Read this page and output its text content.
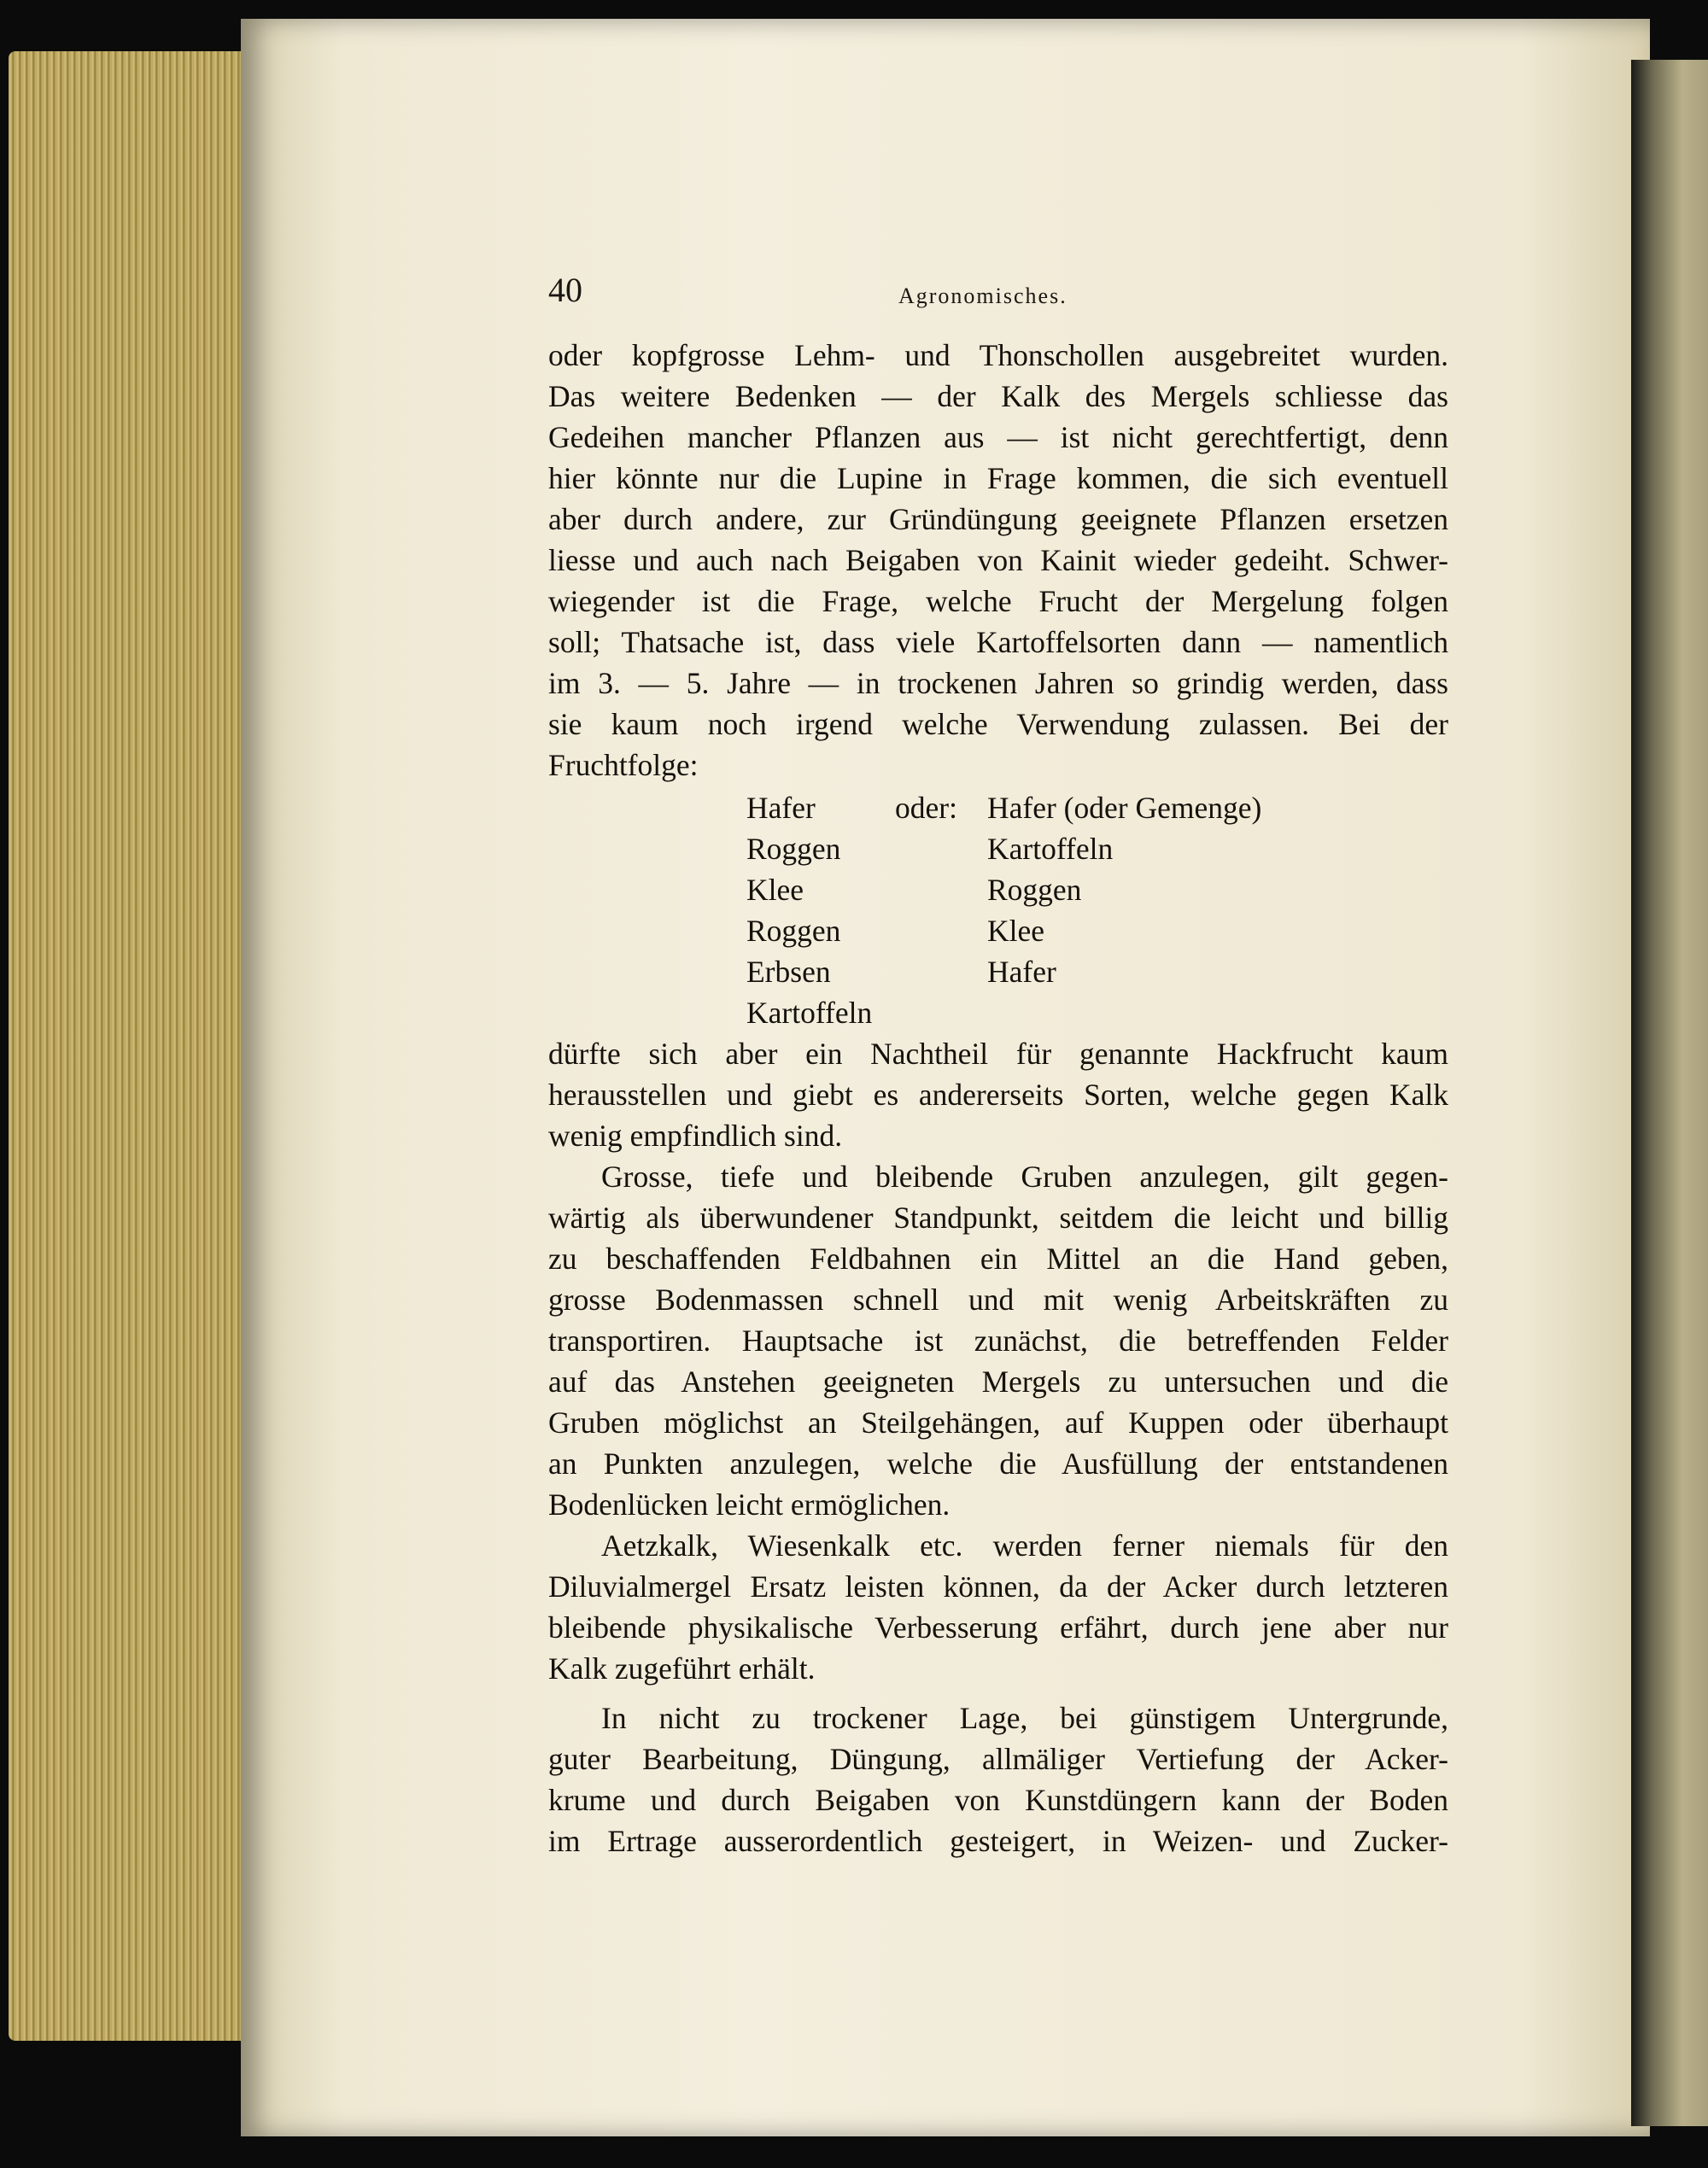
40	Agronomisches.
oder kopfgrosse Lehm- und Thonschollen ausgebreitet wurden.
Das weitere Bedenken — der Kalk des Mergels schliesse das
Gedeihen mancher Pflanzen aus — ist nicht gerechtfertigt, denn
hier könnte nur die Lupine in Frage kommen, die sich eventuell
aber durch andere, zur Gründüngung geeignete Pflanzen ersetzen
liesse und auch nach Beigaben von Kainit wieder gedeiht. Schwer-
wiegender ist die Frage, welche Frucht der Mergelung folgen
soll; Thatsache ist, dass viele Kartoffelsorten dann — namentlich
im 3. — 5. Jahre — in trockenen Jahren so grindig werden, dass
sie kaum noch irgend welche Verwendung zulassen. Bei der
Fruchtfolge:
Hafer
Roggen
Klee
Roggen
Erbsen
Kartoffeln
oder: Hafer (oder Gemenge)
Kartoffeln
Roggen
Klee
Hafer
dürfte sich aber ein Nachtheil für genannte Hackfrucht kaum
herausstellen und giebt es andererseits Sorten, welche gegen Kalk
wenig empfindlich sind.
Grosse, tiefe und bleibende Gruben anzulegen, gilt gegen-
wärtig als überwundener Standpunkt, seitdem die leicht und billig
zu beschaffenden Feldbahnen ein Mittel an die Hand geben,
grosse Bodenmassen schnell und mit wenig Arbeitskräften zu
transportiren. Hauptsache ist zunächst, die betreffenden Felder
auf das Anstehen geeigneten Mergels zu untersuchen und die
Gruben möglichst an Steilgehängen, auf Kuppen oder überhaupt
an Punkten anzulegen, welche die Ausfüllung der entstandenen
Bodenlücken leicht ermöglichen.
Aetzkalk, Wiesenkalk etc. werden ferner niemals für den
Diluvialmergel Ersatz leisten können, da der Acker durch letzteren
bleibende physikalische Verbesserung erfährt, durch jene aber nur
Kalk zugeführt erhält.
In nicht zu trockener Lage, bei günstigem Untergrunde,
guter Bearbeitung, Düngung, allmäliger Vertiefung der Acker-
krume und durch Beigaben von Kunstdüngern kann der Boden
im Ertrage ausserordentlich gesteigert, in Weizen- und Zucker-
